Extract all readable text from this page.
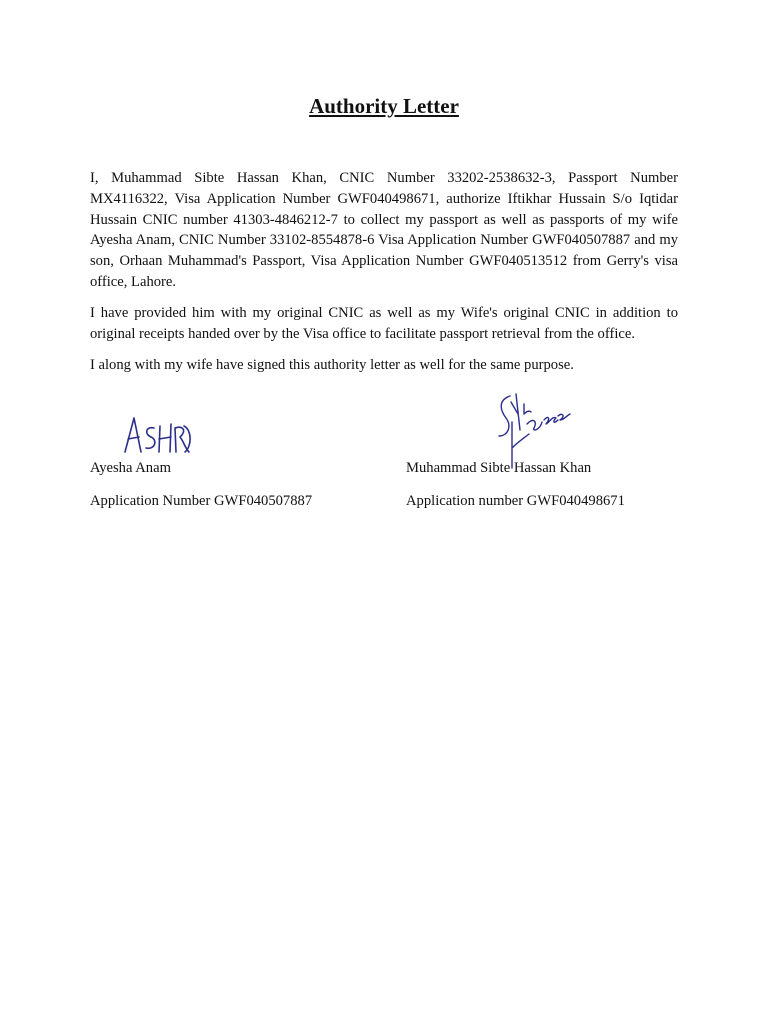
Authority Letter

I, Muhammad Sibte Hassan Khan, CNIC Number 33202-2538632-3, Passport Number MX4116322, Visa Application Number GWF040498671, authorize Iftikhar Hussain S/o Iqtidar Hussain CNIC number 41303-4846212-7 to collect my passport as well as passports of my wife Ayesha Anam, CNIC Number 33102-8554878-6 Visa Application Number GWF040507887 and my son, Orhaan Muhammad's Passport, Visa Application Number GWF040513512 from Gerry's visa office, Lahore.

I have provided him with my original CNIC as well as my Wife's original CNIC in addition to original receipts handed over by the Visa office to facilitate passport retrieval from the office.

I along with my wife have signed this authority letter as well for the same purpose.

Ayesha Anam
Application Number GWF040507887
Muhammad Sibte Hassan Khan
Application number GWF040498671
